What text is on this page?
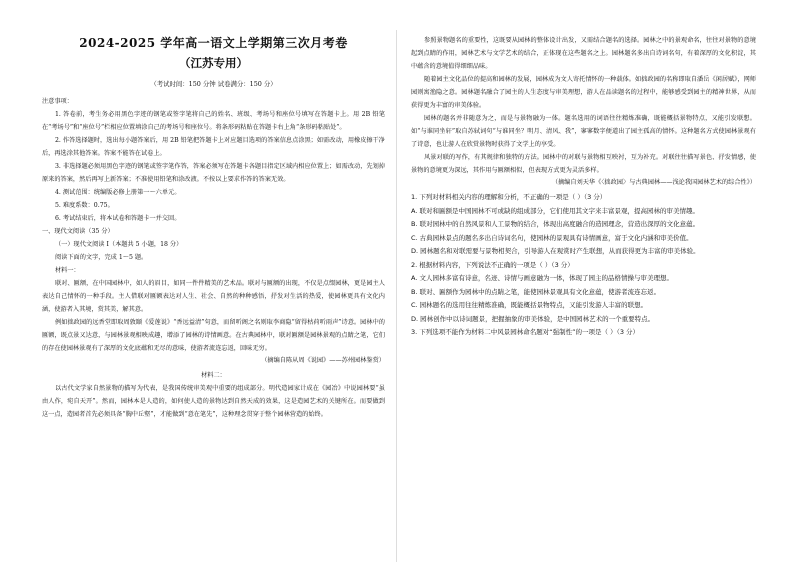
2024-2025 学年高一语文上学期第三次月考卷
（江苏专用）
（考试时间：150 分钟 试卷满分：150 分）
注意事项：
1. 答卷前，考生务必用黑色字迹的钢笔或签字笔将自己的姓名、班级、考场号和座位号填写在答题卡上。用 2B 铅笔在“考场号”和“座位号”栏相应位置填涂自己的考场号和座位号。将条形码粘贴在答题卡右上角“条形码粘贴处”。
2. 作答选择题时，选出每小题答案后，用 2B 铅笔把答题卡上对应题目选项的答案信息点涂黑；如需改动，用橡皮擦干净后，再选涂其他答案。答案不能答在试卷上。
3. 非选择题必须用黑色字迹的钢笔或签字笔作答，答案必须写在答题卡各题目指定区域内相应位置上；如需改动，先划掉原来的答案，然后再写上新答案；不准使用铅笔和涂改液。不按以上要求作答的答案无效。
4. 测试范围：统编版必修上册第一～六单元。
5. 难度系数：0.75。
6. 考试结束后，将本试卷和答题卡一并交回。
一、现代文阅读（35 分）
（一）现代文阅读 I（本题共 5 小题，18 分）
阅读下面的文字，完成 1～5 题。
材料一：
联对、匾额，在中国园林中，如人的眉目，如同一件件精美的艺术品。联对与匾额的出现，不仅是点缀园林，更是园主人表达自己情怀的一种手段。主人借联对匾额表达对人生、社会、自然的种种感悟，抒发对生活的热爱，使园林更具有文化内涵，使游者入其境，赏其美，解其意。
例如拙政园的远香堂即取周敦颐《爱莲说》“香远益清”句意，而留听阁之名则取李商隐“留得枯荷听雨声”诗意。园林中的匾额，既点景又达意，与园林景观相映成趣，增添了园林的诗情画意。在古典园林中，联对匾额是园林景观的点睛之笔，它们的存在使园林景观有了深厚的文化底蕴和无尽的意味，使游者流连忘返，回味无穷。
（摘编自陈从周《说园》——苏州园林鉴赏）
材料二：
以古代文学家自然景物的描写为代表，是我国传统审美观中重要的组成部分。明代造园家计成在《园冶》中说园林要“虽由人作，宛自天开”。然而，园林本是人造的，如何使人造的景物达到自然天成的效果，这是造园艺术的关键所在。而要做到这一点，造园者首先必须具备“胸中丘壑”，才能做到“意在笔先”，这种理念贯穿于整个园林营造的始终。
参照景物题名的重要性，这既要从园林的整体设计出发，又需结合题名的选择。园林之中的景观命名，往往对景物的意境起到点睛的作用，园林艺术与文学艺术的结合，正体现在这些题名之上。园林题名多出自诗词名句，有着深厚的文化积淀，其中蕴含的意境值得细细品味。
随着园主文化品位的提高和园林的发展，园林成为文人寄托情怀的一种载体。如拙政园的名称即取自潘岳《闲居赋》，网师园则寓渔隐之意。园林题名融合了园主的人生态度与审美理想，游人在品读题名的过程中，能够感受到园主的精神世界，从而获得更为丰富的审美体验。
园林的题名并非随意为之，而是与景物融为一体。题名选用的词语往往精炼准确，既能概括景物特点，又能引发联想。如“与谁同坐轩”取自苏轼词句“与谁同坐？明月、清风、我”，寥寥数字便道出了园主孤高的情怀。这种题名方式使园林景观有了诗意，也让游人在欣赏景物时获得了文学上的享受。
风景对联的写作，有其规律和独特的方法。园林中的对联与景物相互映衬，互为补充。对联往往描写景色、抒发情感，使景物的意境更为深远，其作用与匾额相似，但表现方式更为灵活多样。
（摘编自刘天华《〈拙政园〉与古典园林——浅论我国园林艺术的综合性》）
1. 下列对材料相关内容的理解和分析，不正确的一项是（ ）（3 分）
A. 联对和匾额是中国园林不可或缺的组成部分，它们使用其文字来丰富景观，提高园林的审美情趣。
B. 联对园林中的自然风景和人工景物的结合，体现出高度融合的造园理念，营造出深厚的文化意蕴。
C. 古典园林景点的题名多出自诗词名句，使园林的景观具有诗情画意，富于文化内涵和审美价值。
D. 园林题名和对联需要与景物相契合，引导游人在观赏时产生联想，从而获得更为丰富的审美体验。
2. 根据材料内容，下列说法不正确的一项是（ ）（3 分）
A. 文人园林多富有诗意，名迹、诗情与画意融为一体，体现了园主的品格情操与审美理想。
B. 联对、匾额作为园林中的点睛之笔，能使园林景观具有文化意蕴，使游者流连忘返。
C. 园林题名的选用往往精炼准确，既能概括景物特点，又能引发游人丰富的联想。
D. 园林创作中以诗词题景，把握抽象的审美体验，是中国园林艺术的一个重要特点。
3. 下列选项不能作为材料二中风景园林命名题对“强制性”的一项是（ ）（3 分）
